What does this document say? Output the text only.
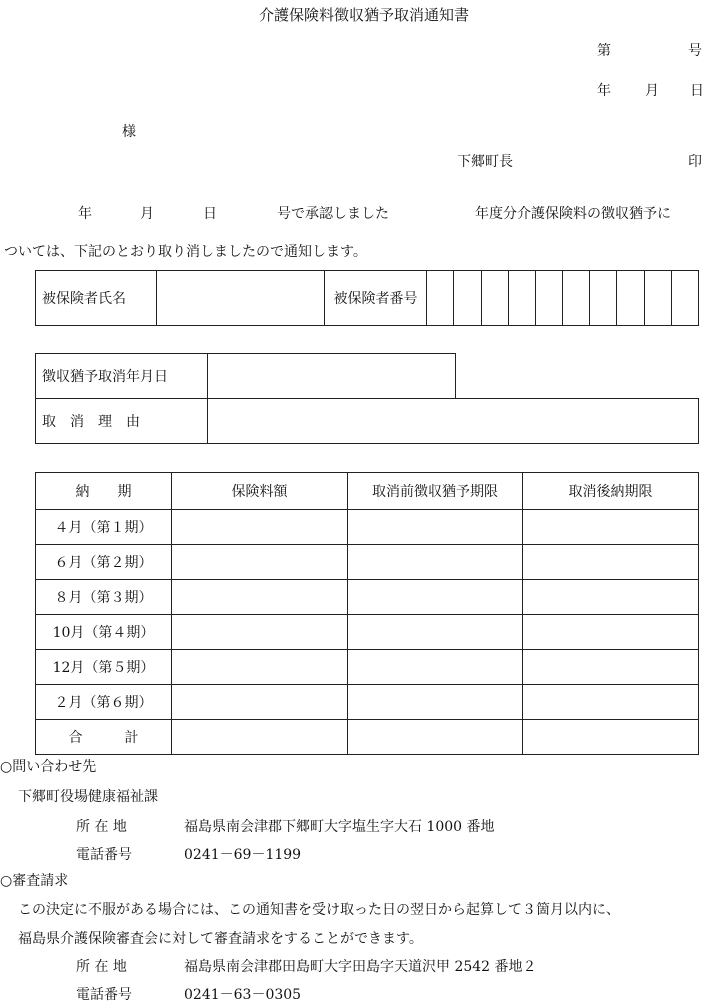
介護保険料徴収猶予取消通知書
第	号
年 月 日
様
下郷町長	印
年	月	日	号で承認しました	年度分介護保険料の徴収猶予に
ついては、下記のとおり取り消しましたので通知します。
被保険者氏名		被保険者番号										
徴収猶予取消年月日	
取　消　理　由	
納　　期	保険料額	取消前徴収猶予期限	取消後納期限
４月（第１期）			
６月（第２期）			
８月（第３期）			
10月（第４期）			
12月（第５期）			
２月（第６期）			
合　　　計			
○問い合わせ先
下郷町役場健康福祉課
所 在 地	福島県南会津郡下郷町大字塩生字大石 1000 番地
電話番号	0241－69－1199
○審査請求
この決定に不服がある場合には、この通知書を受け取った日の翌日から起算して３箇月以内に、
福島県介護保険審査会に対して審査請求をすることができます。
所 在 地	福島県南会津郡田島町大字田島字天道沢甲 2542 番地２
電話番号	0241－63－0305
